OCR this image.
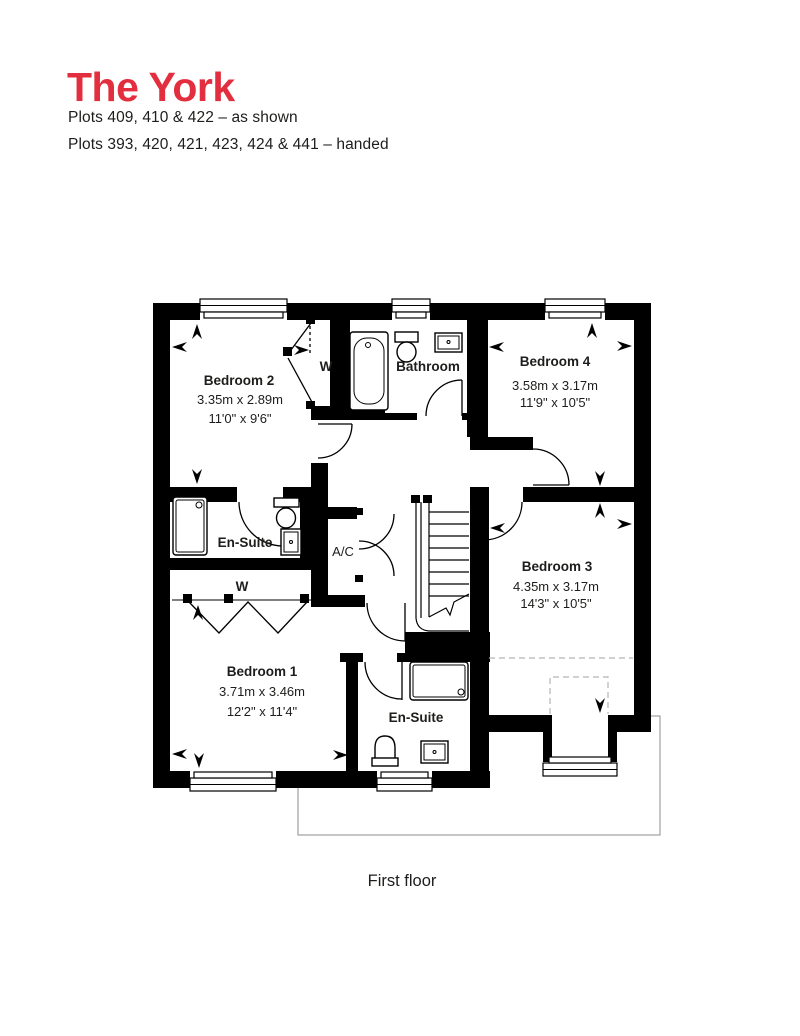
The York
Plots 409, 410 & 422 – as shown
Plots 393, 420, 421, 423, 424 & 441 – handed
Bedroom 2
3.35m x 2.89m
11'0" x 9'6"
W	Bathroom	Bedroom 4
3.58m x 3.17m
11'9" x 10'5"
En-Suite
A/C
W
Bedroom 3
4.35m x 3.17m
14'3" x 10'5"
Bedroom 1
3.71m x 3.46m
12'2" x 11'4"	En-Suite
First floor
